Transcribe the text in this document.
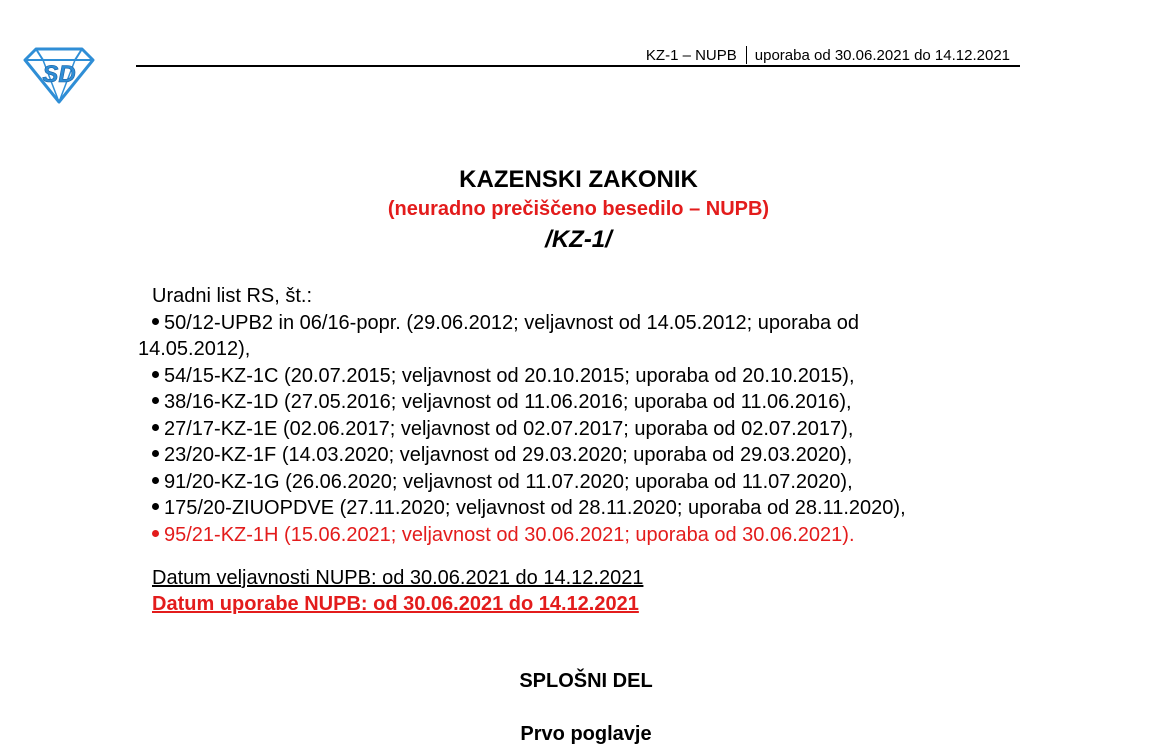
SD
KZ-1 – NUPB uporaba od 30.06.2021 do 14.12.2021
KAZENSKI ZAKONIK
(neuradno prečiščeno besedilo – NUPB)
/KZ-1/
Uradni list RS, št.:
50/12-UPB2 in 06/16-popr. (29.06.2012; veljavnost od 14.05.2012; uporaba od
14.05.2012),
54/15-KZ-1C (20.07.2015; veljavnost od 20.10.2015; uporaba od 20.10.2015),
38/16-KZ-1D (27.05.2016; veljavnost od 11.06.2016; uporaba od 11.06.2016),
27/17-KZ-1E (02.06.2017; veljavnost od 02.07.2017; uporaba od 02.07.2017),
23/20-KZ-1F (14.03.2020; veljavnost od 29.03.2020; uporaba od 29.03.2020),
91/20-KZ-1G (26.06.2020; veljavnost od 11.07.2020; uporaba od 11.07.2020),
175/20-ZIUOPDVE (27.11.2020; veljavnost od 28.11.2020; uporaba od 28.11.2020),
95/21-KZ-1H (15.06.2021; veljavnost od 30.06.2021; uporaba od 30.06.2021).
Datum veljavnosti NUPB: od 30.06.2021 do 14.12.2021
Datum uporabe NUPB: od 30.06.2021 do 14.12.2021
SPLOŠNI DEL
Prvo poglavje
